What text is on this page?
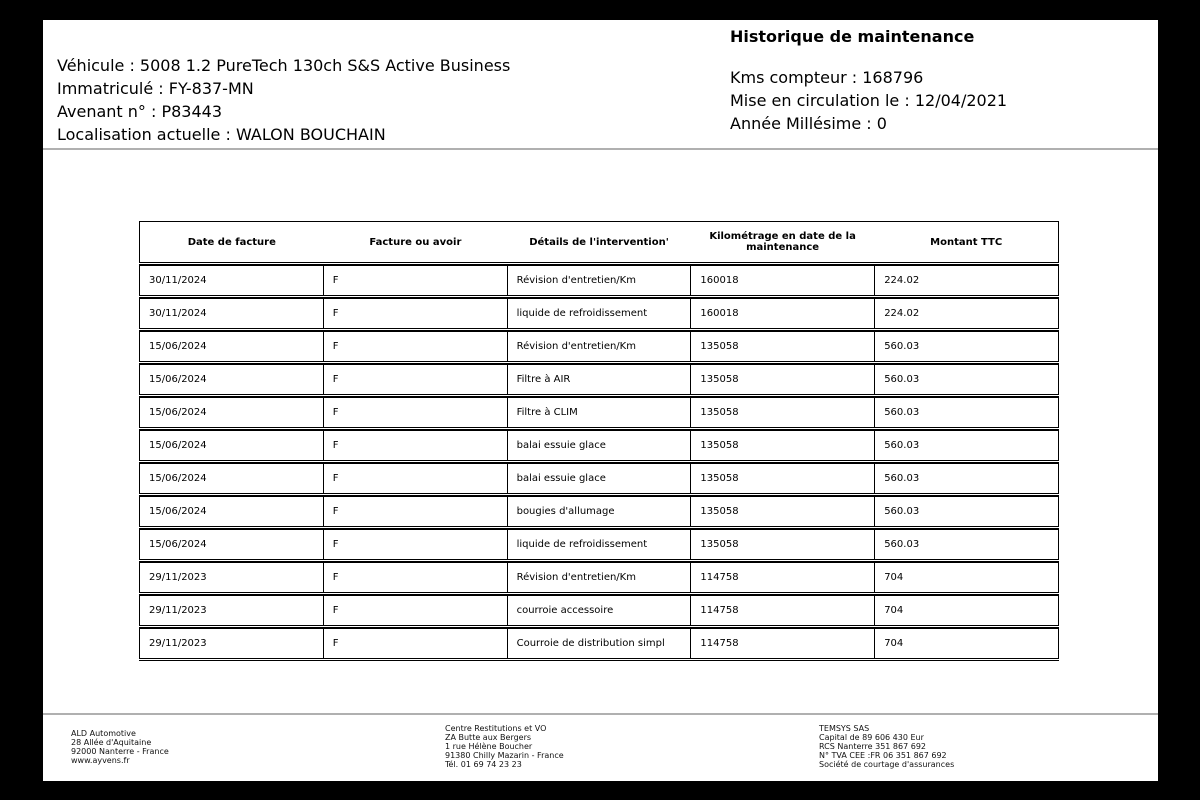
Véhicule : 5008 1.2 PureTech 130ch S&S Active Business
Immatriculé : FY-837-MN
Avenant n° : P83443
Localisation actuelle : WALON BOUCHAIN
Historique de maintenance
Kms compteur : 168796
Mise en circulation le : 12/04/2021
Année Millésime : 0
Date de facture	Facture ou avoir	Détails de l'intervention'	Kilométrage en date de la maintenance	Montant TTC
30/11/2024	F	Révision d'entretien/Km	160018	224.02
30/11/2024	F	liquide de refroidissement	160018	224.02
15/06/2024	F	Révision d'entretien/Km	135058	560.03
15/06/2024	F	Filtre à AIR	135058	560.03
15/06/2024	F	Filtre à CLIM	135058	560.03
15/06/2024	F	balai essuie glace	135058	560.03
15/06/2024	F	balai essuie glace	135058	560.03
15/06/2024	F	bougies d'allumage	135058	560.03
15/06/2024	F	liquide de refroidissement	135058	560.03
29/11/2023	F	Révision d'entretien/Km	114758	704
29/11/2023	F	courroie accessoire	114758	704
29/11/2023	F	Courroie de distribution simpl	114758	704
ALD Automotive
28 Allée d'Aquitaine
92000 Nanterre - France
www.ayvens.fr
Centre Restitutions et VO
ZA Butte aux Bergers
1 rue Hélène Boucher
91380 Chilly Mazarin - France
Tél. 01 69 74 23 23
TEMSYS SAS
Capital de 89 606 430 Eur
RCS Nanterre 351 867 692
N° TVA CEE :FR 06 351 867 692
Société de courtage d'assurances
